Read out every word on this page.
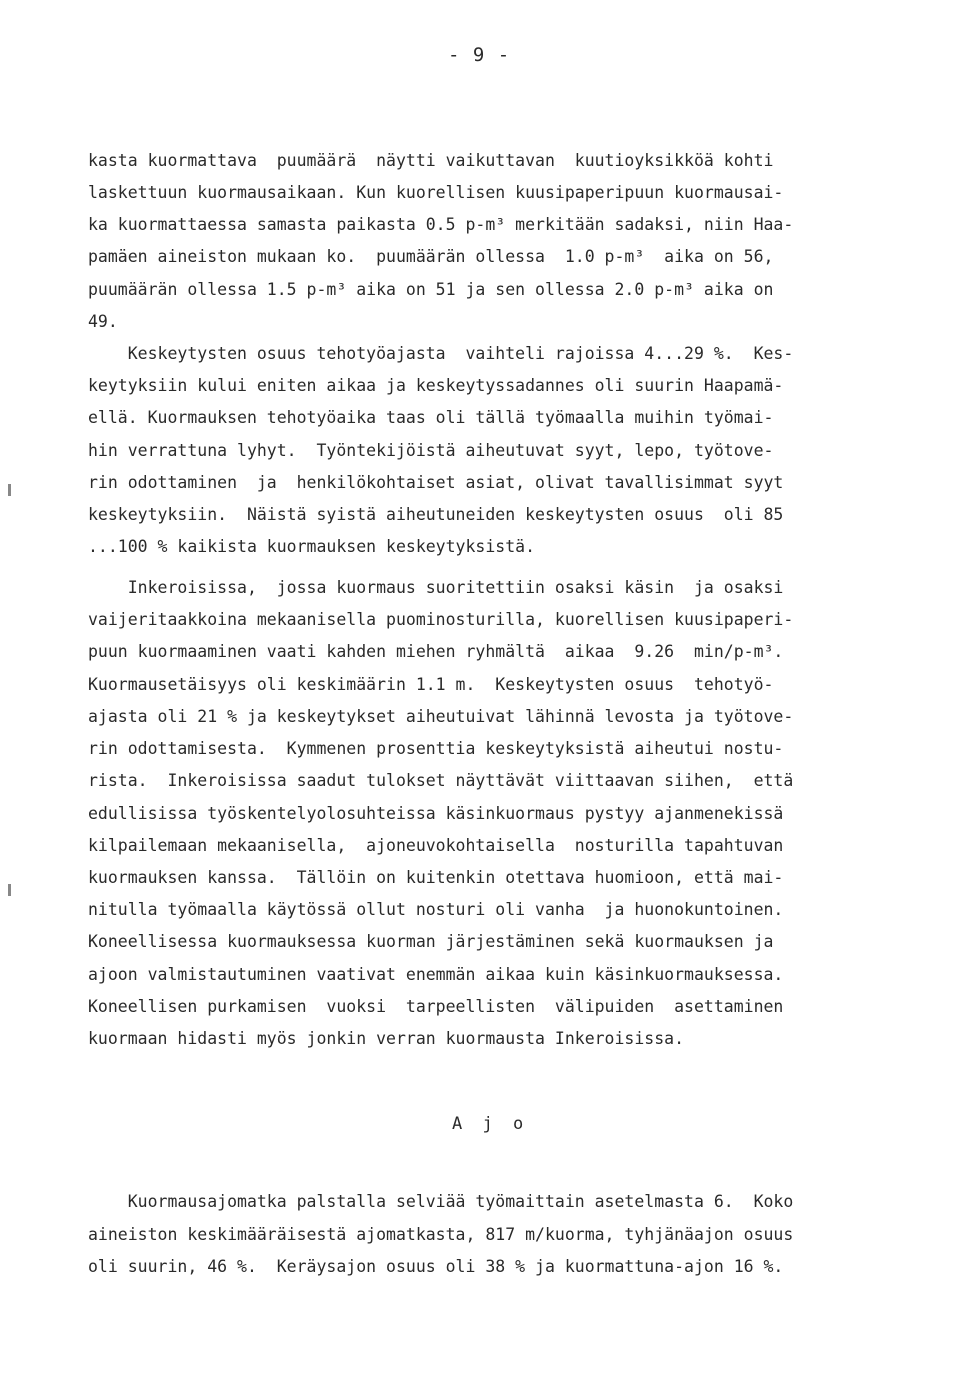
- 9 -
kasta kuormattava  puumäärä  näytti vaikuttavan  kuutioyksikköä kohti
laskettuun kuormausaikaan. Kun kuorellisen kuusipaperipuun kuormausai-
ka kuormattaessa samasta paikasta 0.5 p-m³ merkitään sadaksi, niin Haa-
pamäen aineiston mukaan ko.  puumäärän ollessa  1.0 p-m³  aika on 56,
puumäärän ollessa 1.5 p-m³ aika on 51 ja sen ollessa 2.0 p-m³ aika on
49.
Keskeytysten osuus tehotyöajasta  vaihteli rajoissa 4...29 %.  Kes-
keytyksiin kului eniten aikaa ja keskeytyssadannes oli suurin Haapamä-
ellä. Kuormauksen tehotyöaika taas oli tällä työmaalla muihin työmai-
hin verrattuna lyhyt.  Työntekijöistä aiheutuvat syyt, lepo, työtove-
rin odottaminen  ja  henkilökohtaiset asiat, olivat tavallisimmat syyt
keskeytyksiin.  Näistä syistä aiheutuneiden keskeytysten osuus  oli 85
...100 % kaikista kuormauksen keskeytyksistä.
Inkeroisissa,  jossa kuormaus suoritettiin osaksi käsin  ja osaksi
vaijeritaakkoina mekaanisella puominosturilla, kuorellisen kuusipaperi-
puun kuormaaminen vaati kahden miehen ryhmältä  aikaa  9.26  min/p-m³.
Kuormausetäisyys oli keskimäärin 1.1 m.  Keskeytysten osuus  tehotyö-
ajasta oli 21 % ja keskeytykset aiheutuivat lähinnä levosta ja työtove-
rin odottamisesta.  Kymmenen prosenttia keskeytyksistä aiheutui nostu-
rista.  Inkeroisissa saadut tulokset näyttävät viittaavan siihen,  että
edullisissa työskentelyolosuhteissa käsinkuormaus pystyy ajanmenekissä
kilpailemaan mekaanisella,  ajoneuvokohtaisella  nosturilla tapahtuvan
kuormauksen kanssa.  Tällöin on kuitenkin otettava huomioon, että mai-
nitulla työmaalla käytössä ollut nosturi oli vanha  ja huonokuntoinen.
Koneellisessa kuormauksessa kuorman järjestäminen sekä kuormauksen ja
ajoon valmistautuminen vaativat enemmän aikaa kuin käsinkuormauksessa.
Koneellisen purkamisen  vuoksi  tarpeellisten  välipuiden  asettaminen
kuormaan hidasti myös jonkin verran kuormausta Inkeroisissa.
A j o
Kuormausajomatka palstalla selviää työmaittain asetelmasta 6.  Koko
aineiston keskimääräisestä ajomatkasta, 817 m/kuorma, tyhjänäajon osuus
oli suurin, 46 %.  Keräysajon osuus oli 38 % ja kuormattuna-ajon 16 %.
